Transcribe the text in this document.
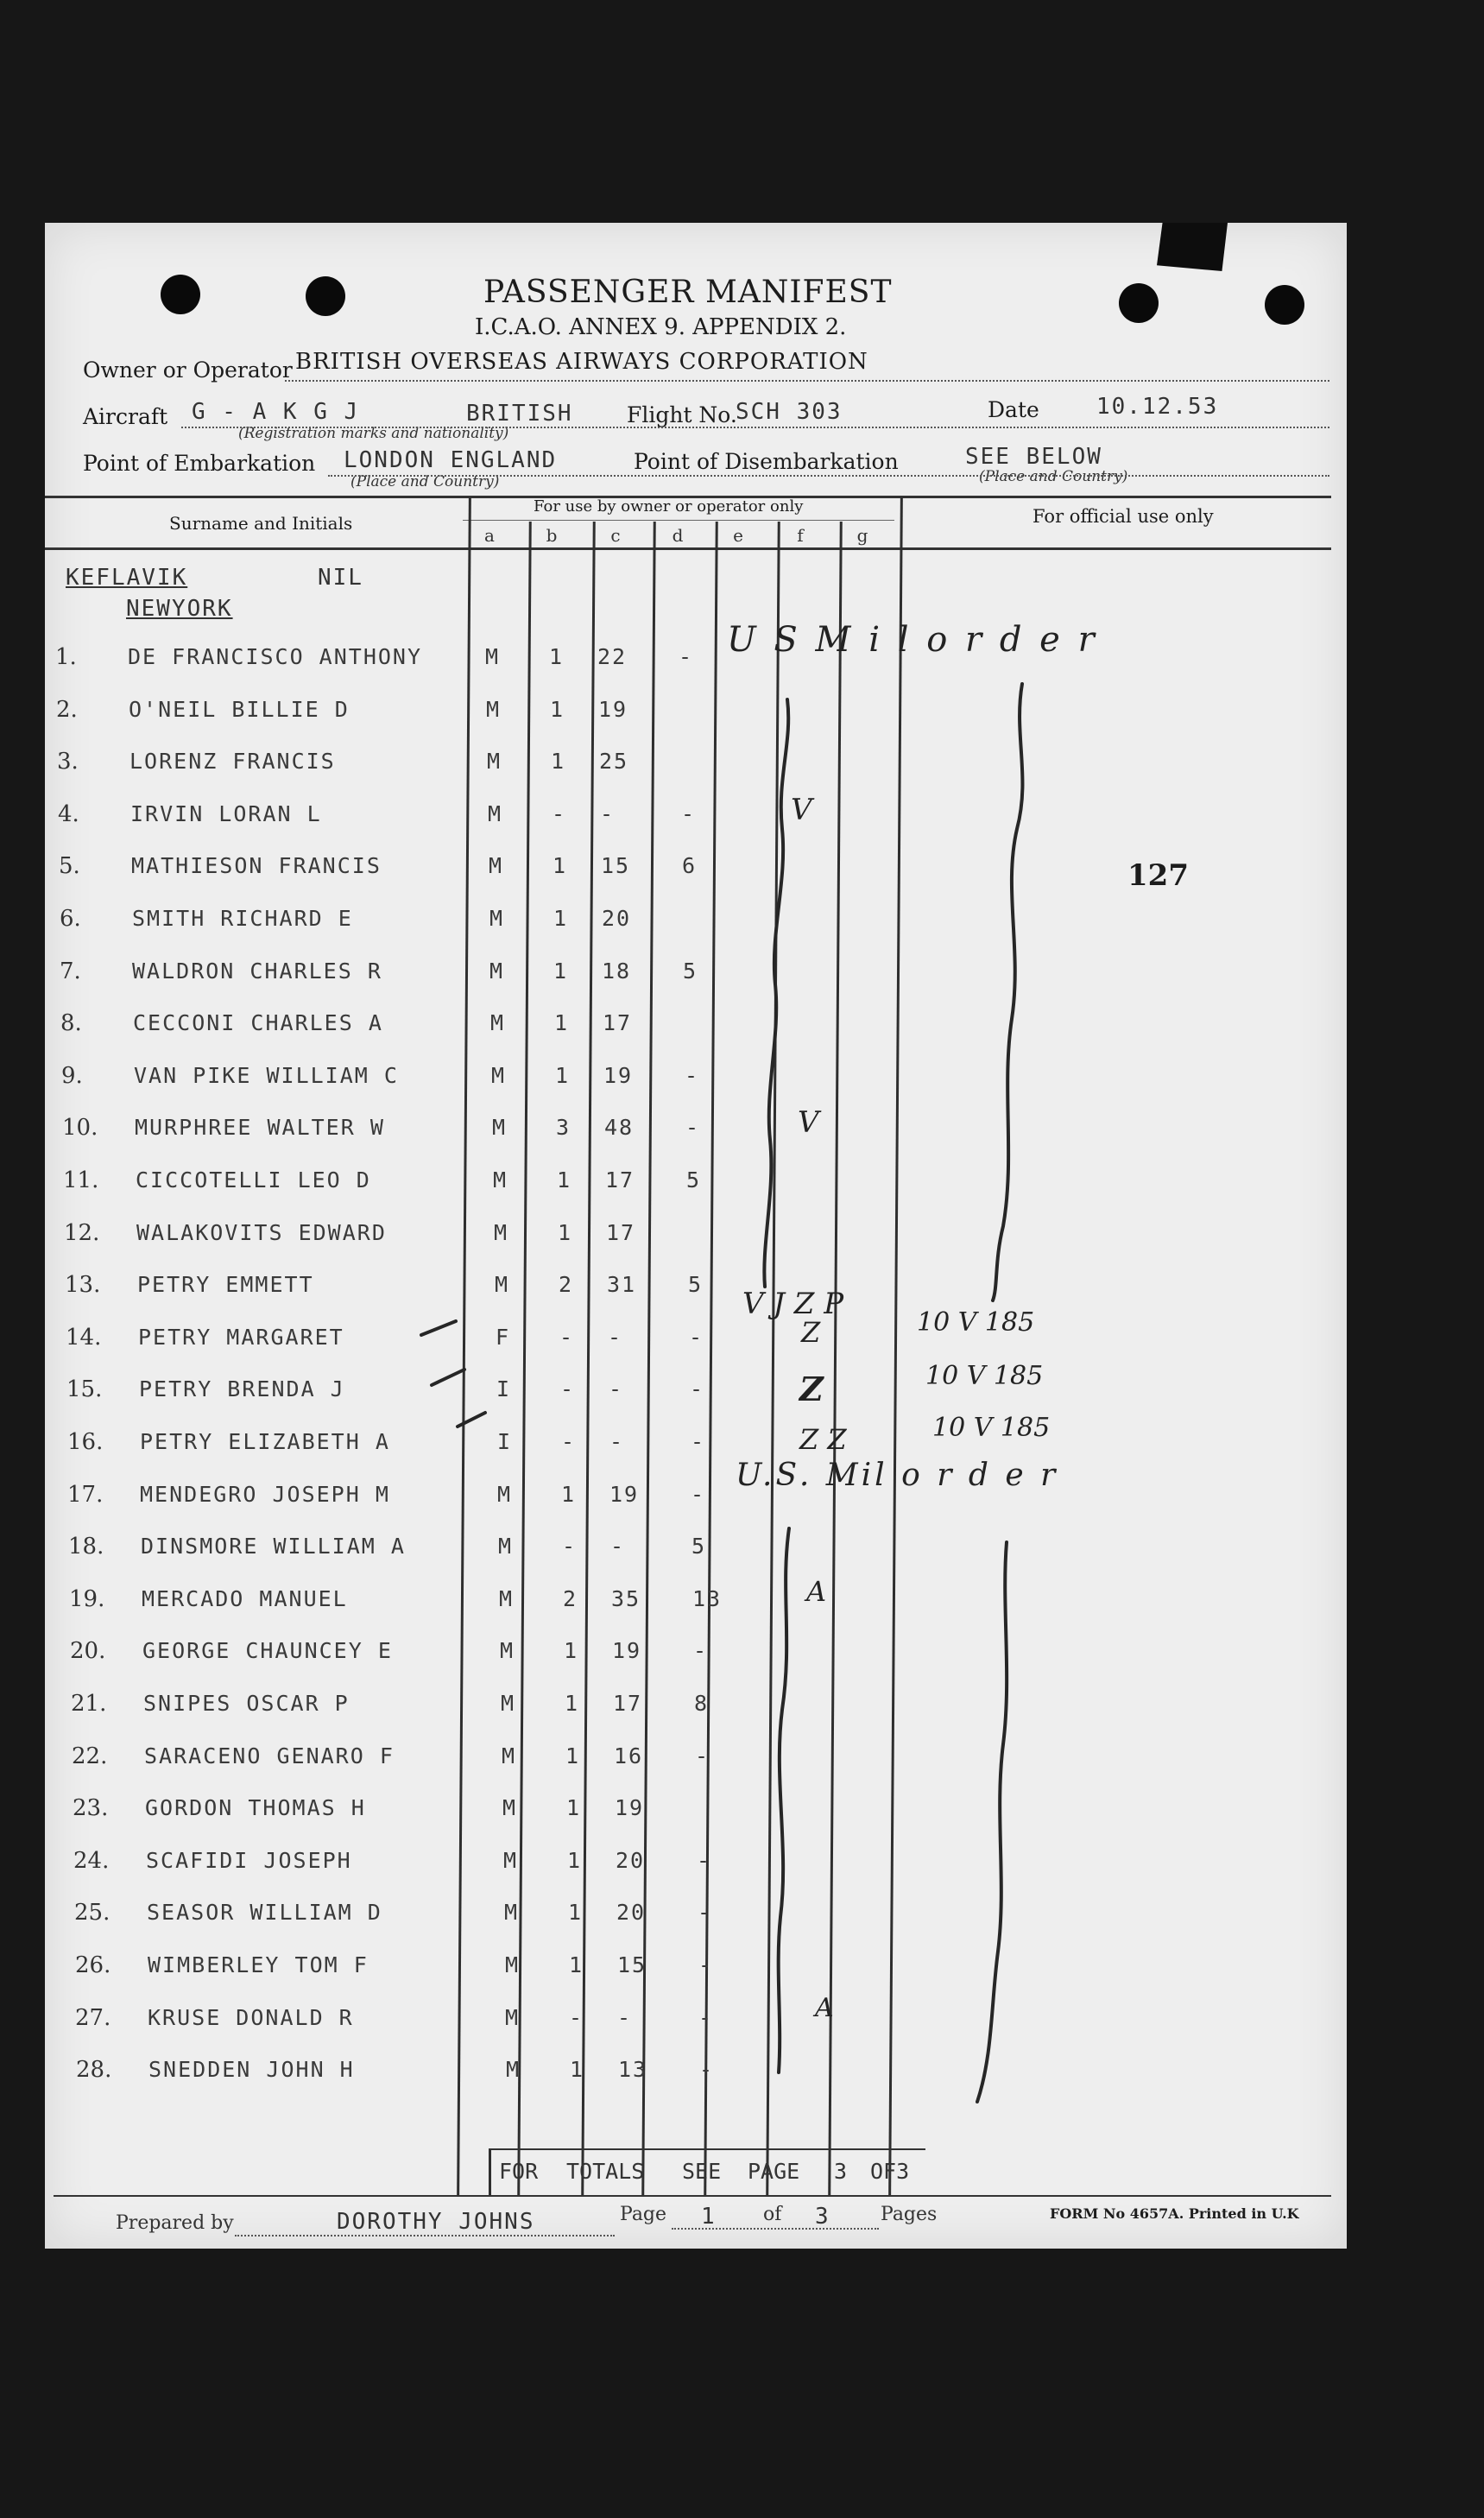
PASSENGER MANIFEST
I.C.A.O. ANNEX 9. APPENDIX 2.
Owner or Operator BRITISH OVERSEAS AIRWAYS CORPORATION
Aircraft G - A K G J	BRITISH
(Registration marks and nationality)
Flight No.
SCH 303	Date	10.12.53
Point of Embarkation LONDON ENGLAND
(Place and Country)
Point of Disembarkation	SEE BELOW
(Place and Country)
Surname and Initials
For use by owner or operator only	For official use only
a	b	c	d	e	f	g
KEFLAVIK	NIL
NEWYORK
127
1. DE FRANCISCO ANTHONY	M 1 22 -
2. O'NEIL BILLIE D	M 1 19
3. LORENZ FRANCIS	M 1 25
4. IRVIN LORAN L	M - -	-
5. MATHIESON FRANCIS	M 1 15 6
6. SMITH RICHARD E	M 1 20
7. WALDRON CHARLES R	M 1 18 5
8. CECCONI CHARLES A	M 1 17
9. VAN PIKE WILLIAM C	M 1 19 -
10. MURPHREE WALTER W	M 3 48 -
11. CICCOTELLI LEO D	M 1 17 5
12. WALAKOVITS EDWARD	M 1 17
13. PETRY EMMETT	M 2 31 5
14. PETRY MARGARET	F - -	-
15. PETRY BRENDA J	I - -	-
16. PETRY ELIZABETH A	I - -	-
17. MENDEGRO JOSEPH M	M 1 19 -
18. DINSMORE WILLIAM A	M - -	5
19. MERCADO MANUEL	M 2 35 13
20. GEORGE CHAUNCEY E	M 1 19 -
21. SNIPES OSCAR P	M 1 17 8
22. SARACENO GENARO F	M 1 16 -
23. GORDON THOMAS H	M 1 19
24. SCAFIDI JOSEPH	M 1 20 -
25. SEASOR WILLIAM D	M 1 20 -
26. WIMBERLEY TOM F	M 1 15 -
27. KRUSE DONALD R	M - -	-
28. SNEDDEN JOHN H	M 1 13 -
U S M i l o r d e r
U.S. Mil o r d e r
10 V 185
10 V 185
10 V 185
V J Z P
Z
Z
Z Z
V
V
A
A
FOR TOTALS SEE PAGE 3 OF3
Prepared by	DOROTHY JOHNS	Page 1 of 3	Pages	FORM No 4657A. Printed in U.K
